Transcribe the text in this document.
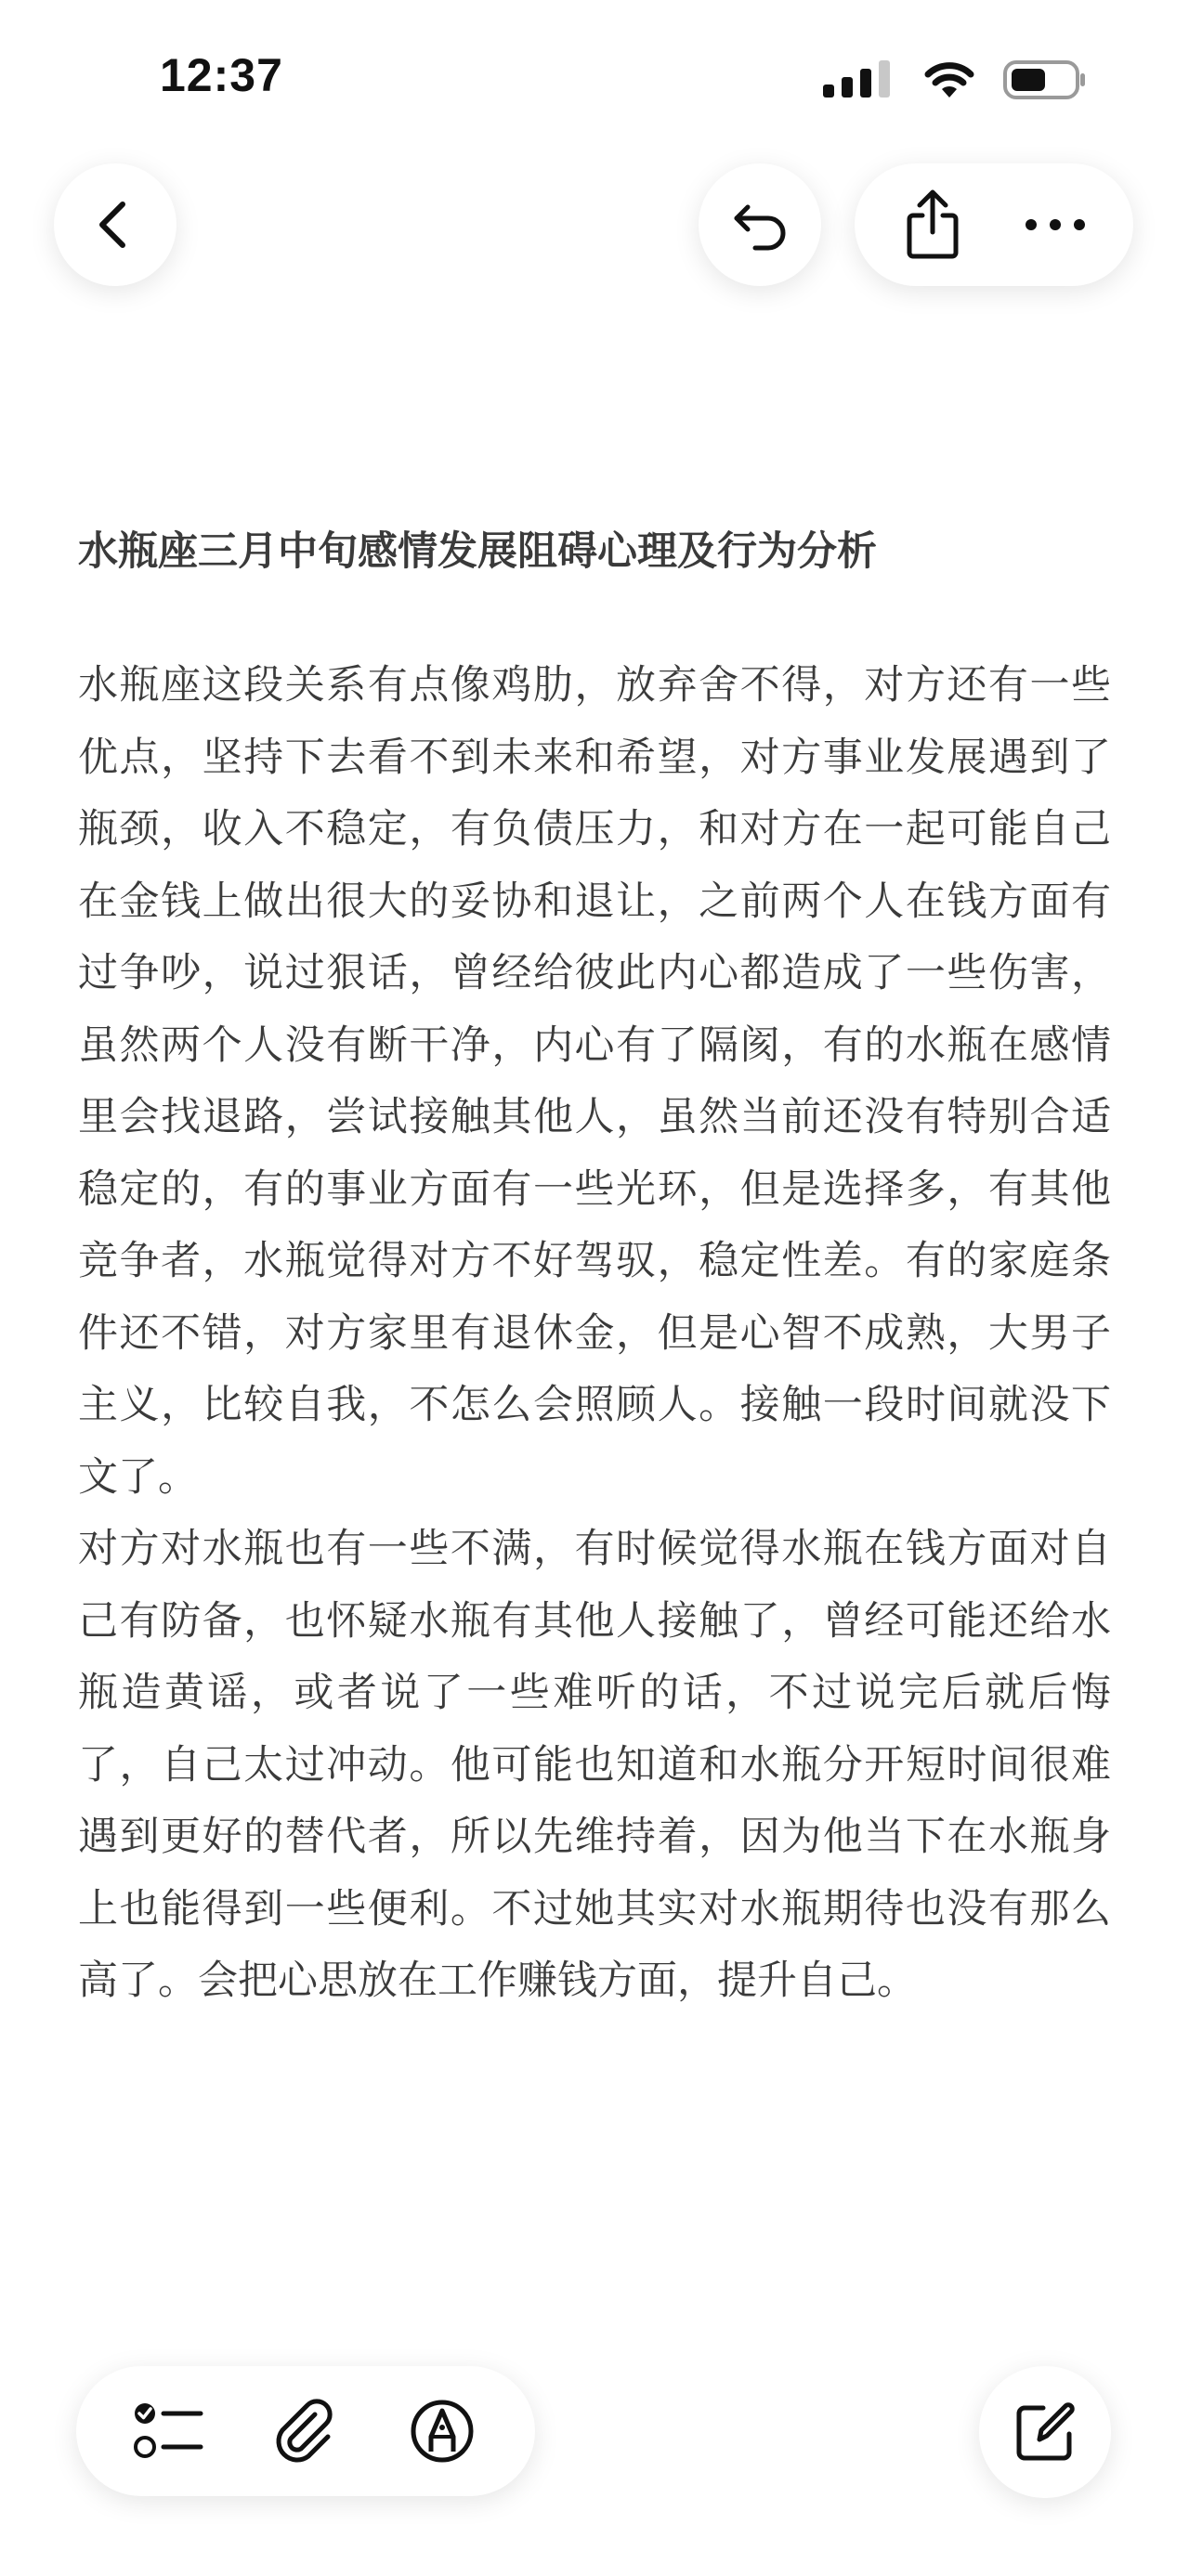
12:37
水瓶座三月中旬感情发展阻碍心理及行为分析

水瓶座这段关系有点像鸡肋，放弃舍不得，对方还有一些优点，坚持下去看不到未来和希望，对方事业发展遇到了瓶颈，收入不稳定，有负债压力，和对方在一起可能自己在金钱上做出很大的妥协和退让，之前两个人在钱方面有过争吵，说过狠话，曾经给彼此内心都造成了一些伤害，虽然两个人没有断干净，内心有了隔阂，有的水瓶在感情里会找退路，尝试接触其他人，虽然当前还没有特别合适稳定的，有的事业方面有一些光环，但是选择多，有其他竞争者，水瓶觉得对方不好驾驭，稳定性差。有的家庭条件还不错，对方家里有退休金，但是心智不成熟，大男子主义，比较自我，不怎么会照顾人。接触一段时间就没下文了。

对方对水瓶也有一些不满，有时候觉得水瓶在钱方面对自己有防备，也怀疑水瓶有其他人接触了，曾经可能还给水瓶造黄谣，或者说了一些难听的话，不过说完后就后悔了，自己太过冲动。他可能也知道和水瓶分开短时间很难遇到更好的替代者，所以先维持着，因为他当下在水瓶身上也能得到一些便利。不过她其实对水瓶期待也没有那么高了。会把心思放在工作赚钱方面，提升自己。
